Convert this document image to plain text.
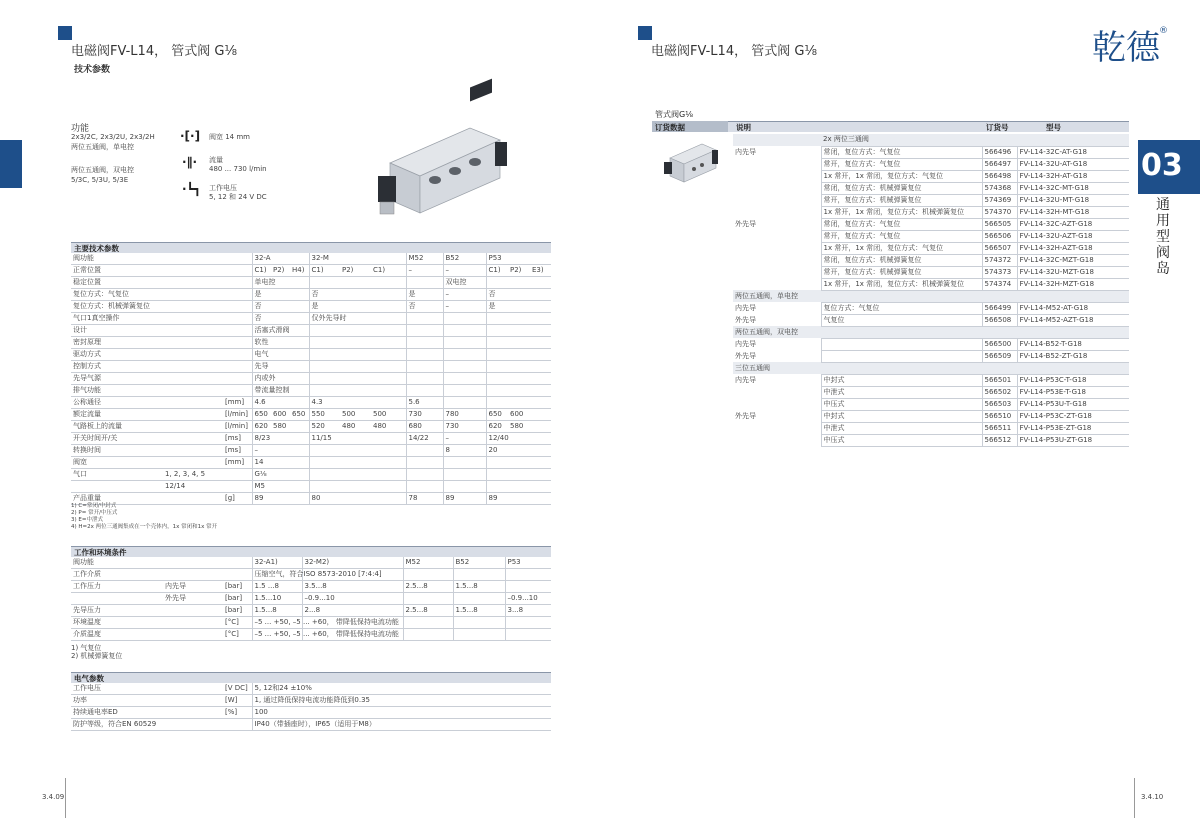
电磁阀FV-L14， 管式阀 G⅛
技术参数
功能
2x3/2C, 2x3/2U, 2x3/2H
两位五通阀，单电控
两位五通阀，双电控
5/3C, 5/3U, 5/3E
·[·] 阀宽 14 mm
·∥· 流量
480 ... 730 l/min
·┗┓ 工作电压
5, 12 和 24 V DC
主要技术参数
阀功能			32-A			32-M			M52	B52	P53		
正常位置			C1)	P2)	H4)	C1)	P2)	C1)	–	–	C1)	P2)	E3)
稳定位置			单电控							双电控			
复位方式：气复位			是			否			是	–	否		
复位方式：机械弹簧复位			否			是			否	–	是		
气口1真空操作			否			仅外先导时							
设计			活塞式滑阀										
密封原理			软性										
驱动方式			电气										
控制方式			先导										
先导气源			内或外										
排气功能			带流量控制										
公称通径		[mm]	4.6			4.3			5.6				
额定流量		[l/min]	650	600	650	550	500	500	730	780	650	600	
气路板上的流量		[l/min]	620	580		520	480	480	680	730	620	580	
开关时间开/关		[ms]	8/23			11/15			14/22	–	12/40		
转换时间		[ms]	–							8	20		
阀宽		[mm]	14										
气口	1, 2, 3, 4, 5		G⅛										
	12/14		M5										
产品重量		[g]	89			80			78	89	89		
1) C=常闭/中封式
2) P= 常开/中压式
3) E=中泄式
4) H=2x 两位三通阀集成在一个壳体内，1x 常闭和1x 常开
工作和环境条件
阀功能			32-A1)	32-M2)	M52	B52	P53
工作介质			压缩空气，符合ISO 8573-2010 [7:4:4]				
工作压力	内先导	[bar]	1.5 ...8	3.5...8	2.5...8	1.5...8	
	外先导	[bar]	1.5...10	–0.9...10			–0.9...10
先导压力		[bar]	1.5...8	2...8	2.5...8	1.5...8	3...8
环境温度		[°C]	–5 ... +50, –5 ... +60， 带降低保持电流功能				
介质温度		[°C]	–5 ... +50, –5 ... +60， 带降低保持电流功能				
1) 气复位
2) 机械弹簧复位
电气参数
工作电压	[V DC]	5, 12和24 ±10%
功率	[W]	1, 通过降低保持电流功能降低到0.35
持续通电率ED	[%]	100
防护等级，符合EN 60529		IP40（带插座时），IP65（适用于M8）
3.4.09
电磁阀FV-L14， 管式阀 G⅛	乾德 ®
管式阀G⅛
订货数据	说明	订货号	型号
	2x 两位三通阀		
内先导	常闭，复位方式：气复位	566496	FV-L14-32C-AT-G18
	常开，复位方式：气复位	566497	FV-L14-32U-AT-G18
	1x 常开，1x 常闭，复位方式：气复位	566498	FV-L14-32H-AT-G18
	常闭，复位方式：机械弹簧复位	574368	FV-L14-32C-MT-G18
	常开，复位方式：机械弹簧复位	574369	FV-L14-32U-MT-G18
	1x 常开，1x 常闭，复位方式：机械弹簧复位	574370	FV-L14-32H-MT-G18
外先导	常闭，复位方式：气复位	566505	FV-L14-32C-AZT-G18
	常开，复位方式：气复位	566506	FV-L14-32U-AZT-G18
	1x 常开，1x 常闭，复位方式：气复位	566507	FV-L14-32H-AZT-G18
	常闭，复位方式：机械弹簧复位	574372	FV-L14-32C-MZT-G18
	常开，复位方式：机械弹簧复位	574373	FV-L14-32U-MZT-G18
	1x 常开，1x 常闭，复位方式：机械弹簧复位	574374	FV-L14-32H-MZT-G18
两位五通阀，单电控			
内先导	复位方式：气复位	566499	FV-L14-M52-AT-G18
外先导	气复位	566508	FV-L14-M52-AZT-G18
两位五通阀，双电控			
内先导		566500	FV-L14-B52-T-G18
外先导		566509	FV-L14-B52-ZT-G18
三位五通阀			
内先导	中封式	566501	FV-L14-P53C-T-G18
	中泄式	566502	FV-L14-P53E-T-G18
	中压式	566503	FV-L14-P53U-T-G18
外先导	中封式	566510	FV-L14-P53C-ZT-G18
	中泄式	566511	FV-L14-P53E-ZT-G18
	中压式	566512	FV-L14-P53U-ZT-G18
03
通
用
型
阀
岛
3.4.10
